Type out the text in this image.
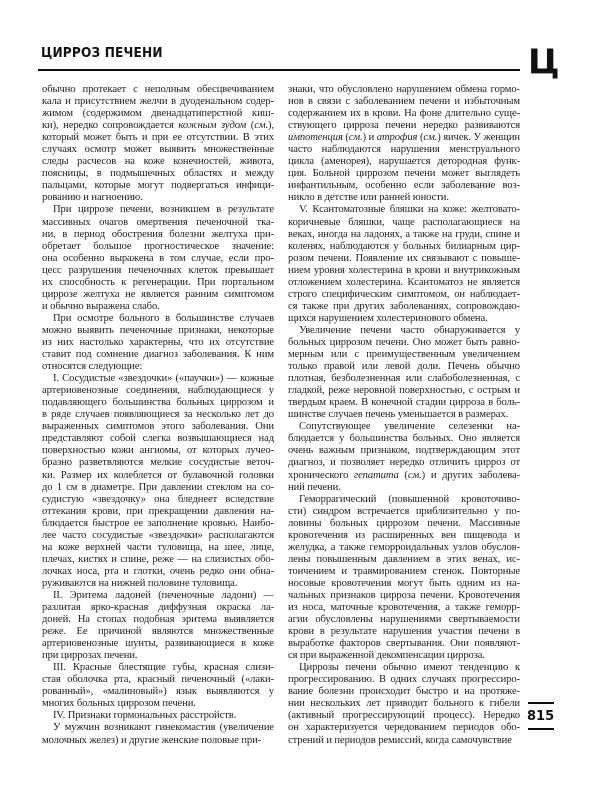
ЦИРРОЗ ПЕЧЕНИ	Ц
обычно протекает с неполным обесцвечиванием
кала и присутствием желчи в дуоденальном содер-
жимом (содержимом двенадцатиперстной киш-
ки), нередко сопровождается кожным зудом (см.),
который может быть и при ее отсутствии. В этих
случаях осмотр может выявить множественные
следы расчесов на коже конечностей, живота,
поясницы, в подмышечных областях и между
пальцами, которые могут подвергаться инфици-
рованию и нагноению.
При циррозе печени, возникшем в результате
массивных очагов омертвения печеночной тка-
ни, в период обострения болезни желтуха при-
обретает большое прогностическое значение:
она особенно выражена в том случае, если про-
цесс разрушения печеночных клеток превышает
их способность к регенерации. При портальном
циррозе желтуха не является ранним симптомом
и обычно выражена слабо.
При осмотре больного в большинстве случаев
можно выявить печеночные признаки, некоторые
из них настолько характерны, что их отсутствие
ставит под сомнение диагноз заболевания. К ним
относятся следующие:
I. Сосудистые «звездочки» («паучки») — кожные
артериовенозные соединения, наблюдающиеся у
подавляющего большинства больных циррозом и
в ряде случаев появляющиеся за несколько лет до
выраженных симптомов этого заболевания. Они
представляют собой слегка возвышающиеся над
поверхностью кожи ангиомы, от которых лучео-
бразно разветвляются мелкие сосудистые веточ-
ки. Размер их колеблется от булавочной головки
до 1 см в диаметре. При давлении стеклом на со-
судистую «звездочку» она бледнеет вследствие
оттекания крови, при прекращении давления на-
блюдается быстрое ее заполнение кровью. Наибо-
лее часто сосудистые «звездочки» располагаются
на коже верхней части туловища, на шее, лице,
плечах, кистях и спине, реже — на слизистых обо-
лочках носа, рта и глотки, очень редко они обна-
руживаются на нижней половине туловища.
II. Эритема ладоней (печеночные ладони) —
разлитая ярко-красная диффузная окраска ла-
доней. На стопах подобная эритема выявляется
реже. Ее причиной являются множественные
артериовенозные шунты, развивающиеся в коже
при циррозах печени.
III. Красные блестящие губы, красная слизи-
стая оболочка рта, красный печеночный («лаки-
рованный», «малиновый») язык выявляются у
многих больных циррозом печени.
IV. Признаки гормональных расстройств.
У мужчин возникают гинекомастия (увеличение
молочных желез) и другие женские половые при-
знаки, что обусловлено нарушением обмена гормо-
нов в связи с заболеванием печени и избыточным
содержанием их в крови. На фоне длительно суще-
ствующего цирроза печени нередко развиваются
импотенция (см.) и атрофия (см.) яичек. У женщин
часто наблюдаются нарушения менструального
цикла (аменорея), нарушается детородная функ-
ция. Больной циррозом печени может выглядеть
инфантильным, особенно если заболевание воз-
никло в детстве или ранней юности.
V. Ксантоматозные бляшки на коже: желтовато-
коричневые бляшки, чаще располагающиеся на
веках, иногда на ладонях, а также на груди, спине и
коленях, наблюдаются у больных билиарным цир-
розом печени. Появление их связывают с повыше-
нием уровня холестерина в крови и внутрикожным
отложением холестерина. Ксантоматоз не является
строго специфическим симптомом, он наблюдает-
ся также при других заболеваниях, сопровождаю-
щихся нарушением холестеринового обмена.
Увеличение печени часто обнаруживается у
больных циррозом печени. Оно может быть равно-
мерным или с преимущественным увеличением
только правой или левой доли. Печень обычно
плотная, безболезненная или слабоболезненная, с
гладкой, реже неровной поверхностью, с острым и
твердым краем. В конечной стадии цирроза в боль-
шинстве случаев печень уменьшается в размерах.
Сопутствующее увеличение селезенки на-
блюдается у большинства больных. Оно является
очень важным признаком, подтверждающим этот
диагноз, и позволяет нередко отличить цирроз от
хронического гепатита (см.) и других заболева-
ний печени.
Геморрагический (повышенной кровоточиво-
сти) синдром встречается приблизительно у по-
ловины больных циррозом печени. Массивные
кровотечения из расширенных вен пищевода и
желудка, а также геморроидальных узлов обуслов-
лены повышенным давлением в этих венах, ис-
тончением и травмированием стенок. Повторные
носовые кровотечения могут быть одним из на-
чальных признаков цирроза печени. Кровотечения
из носа, маточные кровотечения, а также геморр-
агии обусловлены нарушениями свертываемости
крови в результате нарушения участия печени в
выработке факторов свертывания. Они появляют-
ся при выраженной декомпенсации цирроза.
Циррозы печени обычно имеют тенденцию к
прогрессированию. В одних случаях прогрессиро-
вание болезни происходит быстро и на протяже-
нии нескольких лет приводит больного к гибели
(активный прогрессирующий процесс). Нередко
он характеризуется чередованием периодов обо-
стрений и периодов ремиссий, когда самочувствие
815
